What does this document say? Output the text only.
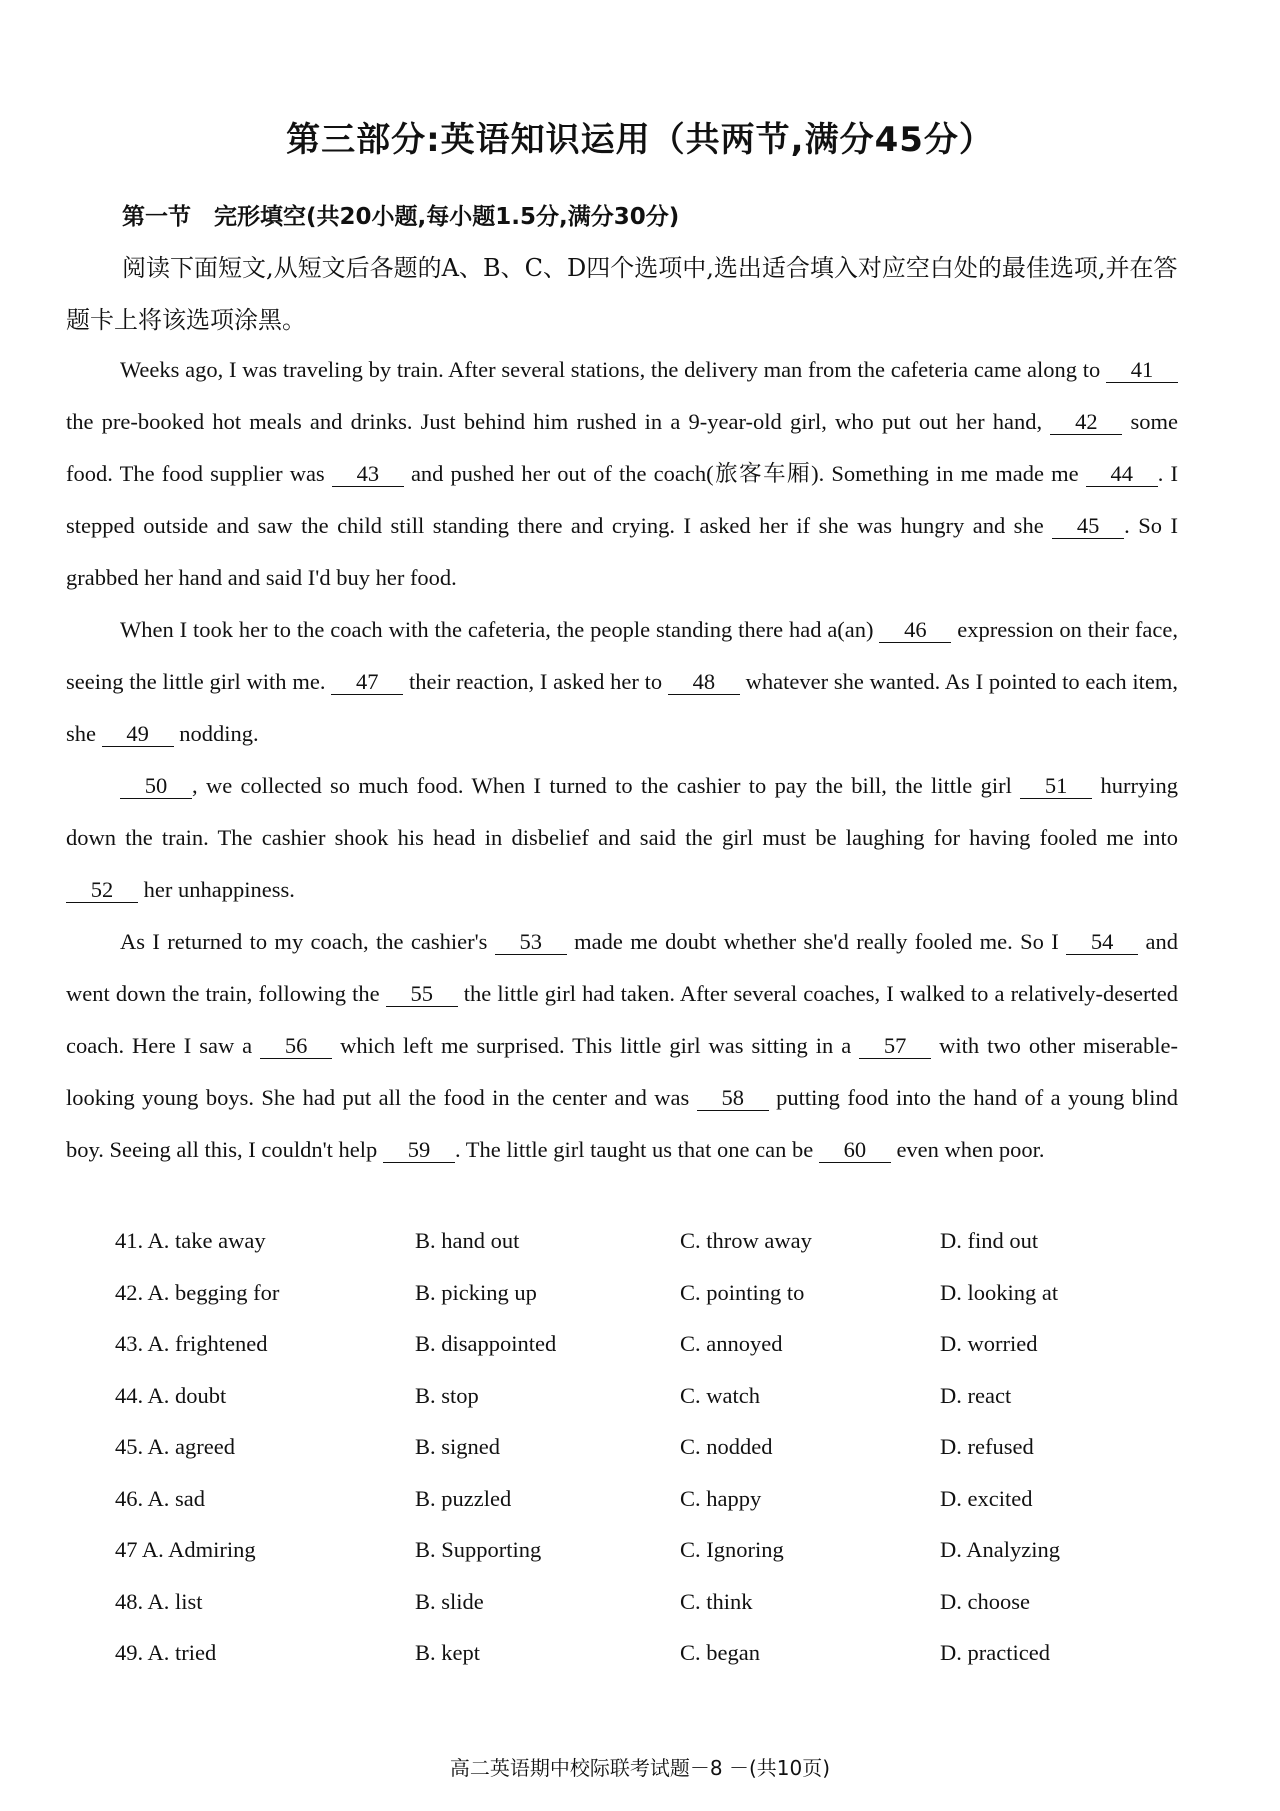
第三部分:英语知识运用（共两节,满分45分）
第一节　完形填空(共20小题,每小题1.5分,满分30分)

阅读下面短文,从短文后各题的A、B、C、D四个选项中,选出适合填入对应空白处的最佳选项,并在答题卡上将该选项涂黑。

Weeks ago, I was traveling by train. After several stations, the delivery man from the cafeteria came along to 41 the pre-booked hot meals and drinks. Just behind him rushed in a 9-year-old girl, who put out her hand, 42 some food. The food supplier was 43 and pushed her out of the coach(旅客车厢). Something in me made me 44 . I stepped outside and saw the child still standing there and crying. I asked her if she was hungry and she 45 . So I grabbed her hand and said I'd buy her food.

When I took her to the coach with the cafeteria, the people standing there had a(an) 46 expression on their face, seeing the little girl with me. 47 their reaction, I asked her to 48 whatever she wanted. As I pointed to each item, she 49 nodding.

50 , we collected so much food. When I turned to the cashier to pay the bill, the little girl 51 hurrying down the train. The cashier shook his head in disbelief and said the girl must be laughing for having fooled me into 52 her unhappiness.

As I returned to my coach, the cashier's 53 made me doubt whether she'd really fooled me. So I 54 and went down the train, following the 55 the little girl had taken. After several coaches, I walked to a relatively-deserted coach. Here I saw a 56 which left me surprised. This little girl was sitting in a 57 with two other miserable-looking young boys. She had put all the food in the center and was 58 putting food into the hand of a young blind boy. Seeing all this, I couldn't help 59 . The little girl taught us that one can be 60 even when poor.

41. A. take away	B. hand out	C. throw away	D. find out
42. A. begging for	B. picking up	C. pointing to	D. looking at
43. A. frightened	B. disappointed	C. annoyed	D. worried
44. A. doubt	B. stop	C. watch	D. react
45. A. agreed	B. signed	C. nodded	D. refused
46. A. sad	B. puzzled	C. happy	D. excited
47 A. Admiring	B. Supporting	C. Ignoring	D. Analyzing
48. A. list	B. slide	C. think	D. choose
49. A. tried	B. kept	C. began	D. practiced
高二英语期中校际联考试题－8 －(共10页)
